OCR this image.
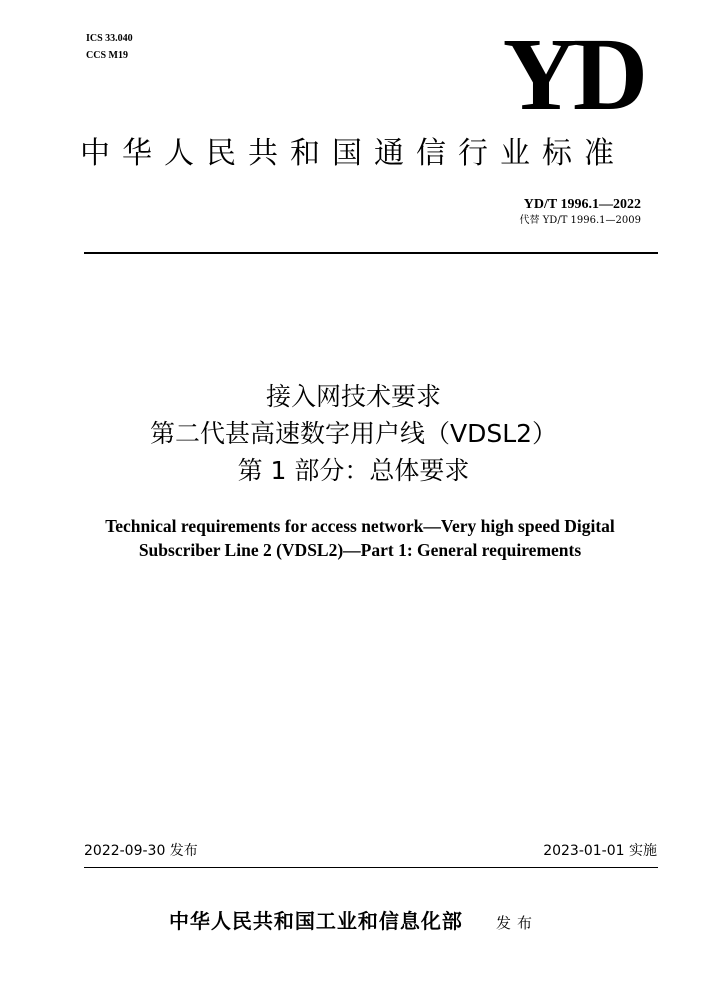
ICS 33.040
CCS M19	YD
中华人民共和国通信行业标准
YD/T 1996.1—2022
代替 YD/T 1996.1—2009
接入网技术要求
第二代甚高速数字用户线（VDSL2）
第 1 部分：总体要求
Technical requirements for access network—Very high speed Digital
Subscriber Line 2 (VDSL2)—Part 1: General requirements
2022-09-30 发布	2023-01-01 实施
中华人民共和国工业和信息化部 发布
